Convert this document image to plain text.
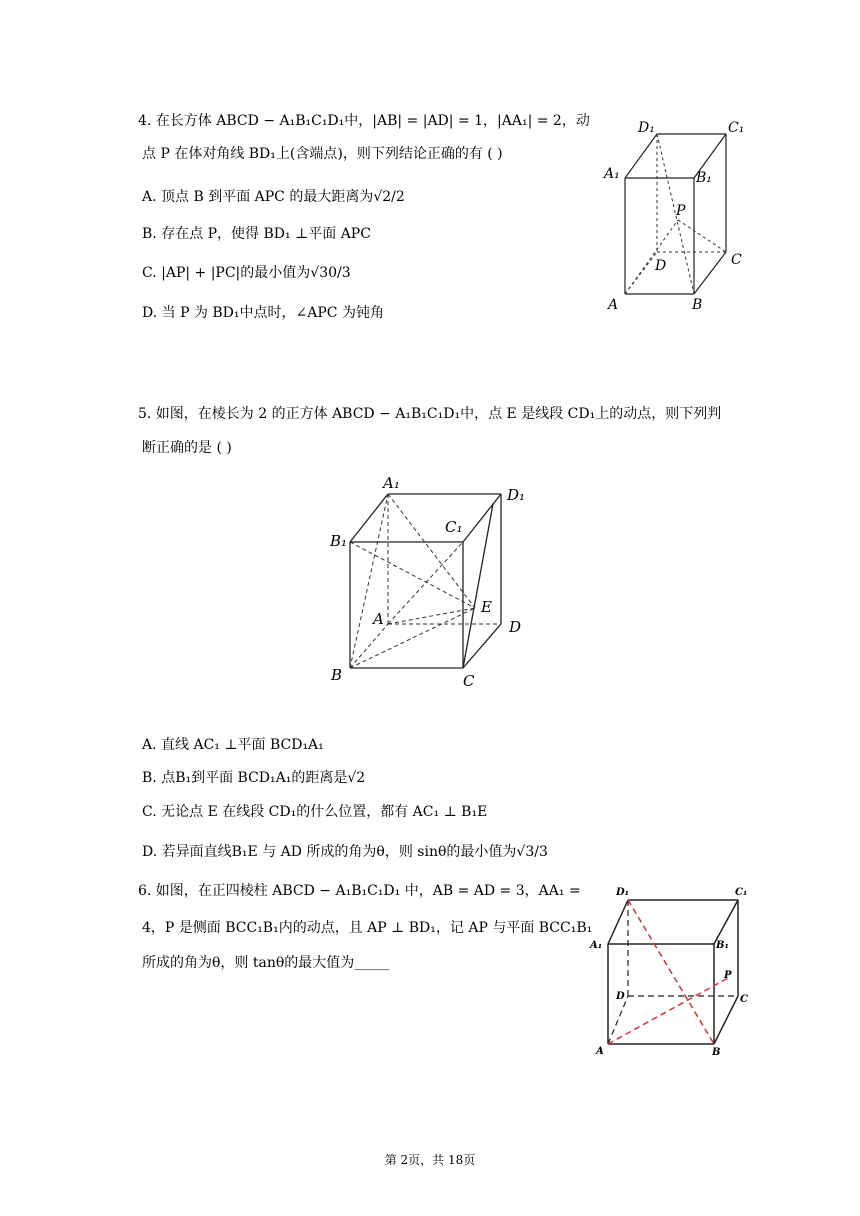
4. 在长方体 ABCD − A₁B₁C₁D₁中，|AB| = |AD| = 1，|AA₁| = 2，动
点 P 在体对角线 BD₁上(含端点)，则下列结论正确的有 ( )
A. 顶点 B 到平面 APC 的最大距离为√2/2
B. 存在点 P，使得 BD₁ ⊥平面 APC
C. |AP| + |PC|的最小值为√30/3
D. 当 P 为 BD₁中点时，∠APC 为钝角
D₁	C₁
A₁	B₁
P
D	C
A	B
5. 如图，在棱长为 2 的正方体 ABCD − A₁B₁C₁D₁中，点 E 是线段 CD₁上的动点，则下列判
断正确的是 ( )
A₁
D₁
C₁
B₁
E
A	D
B	C
A. 直线 AC₁ ⊥平面 BCD₁A₁
B. 点B₁到平面 BCD₁A₁的距离是√2
C. 无论点 E 在线段 CD₁的什么位置，都有 AC₁ ⊥ B₁E
D. 若异面直线B₁E 与 AD 所成的角为θ，则 sinθ的最小值为√3/3
6. 如图，在正四棱柱 ABCD − A₁B₁C₁D₁ 中，AB = AD = 3，AA₁ =
4，P 是侧面 BCC₁B₁内的动点，且 AP ⊥ BD₁，记 AP 与平面 BCC₁B₁
所成的角为θ，则 tanθ的最大值为_____
D₁	C₁
A₁	B₁
P
D	C
A	B
第 2页，共 18页
